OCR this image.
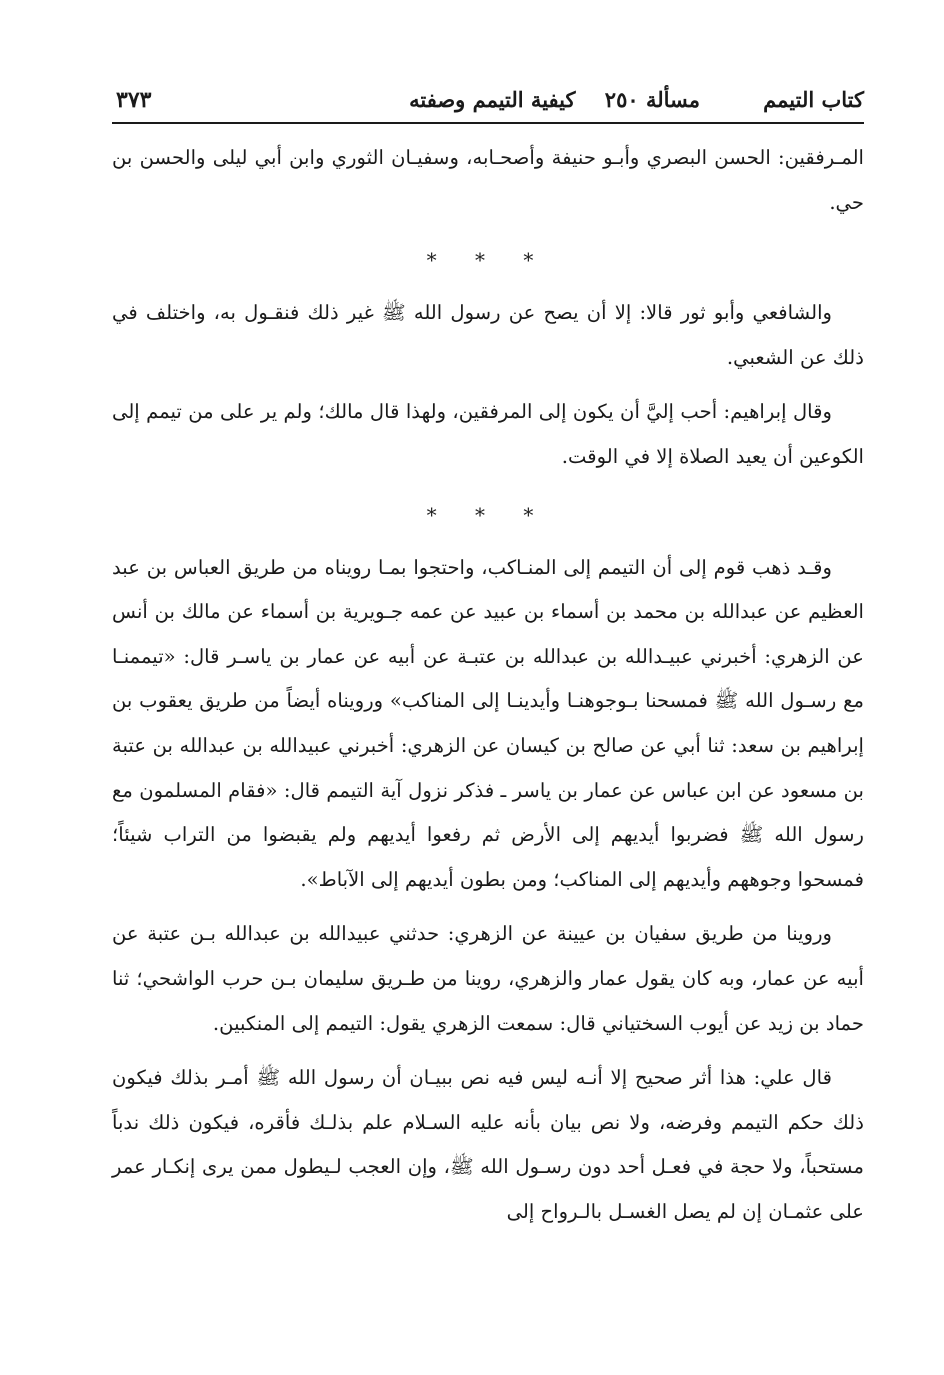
كتاب التيمم
مسألة ٢٥٠ كيفية التيمم وصفته
٣٧٣

المـرفقين: الحسن البصري وأبـو حنيفة وأصحـابه، وسفيـان الثوري وابن أبي ليلى والحسن بن حي.

* * *

والشافعي وأبو ثور قالا: إلا أن يصح عن رسول الله ﷺ غير ذلك فنقـول به، واختلف في ذلك عن الشعبي.

وقال إبراهيم: أحب إليَّ أن يكون إلى المرفقين، ولهذا قال مالك؛ ولم ير على من تيمم إلى الكوعين أن يعيد الصلاة إلا في الوقت.

* * *

وقـد ذهب قوم إلى أن التيمم إلى المنـاكب، واحتجوا بمـا رويناه من طريق العباس بن عبد العظيم عن عبدالله بن محمد بن أسماء بن عبيد عن عمه جـويرية بن أسماء عن مالك بن أنس عن الزهري: أخبرني عبيـدالله بن عبدالله بن عتبـة عن أبيه عن عمار بن ياسـر قال: «تيممنـا مع رسـول الله ﷺ فمسحنا بـوجوهنـا وأيدينـا إلى المناكب» ورويناه أيضاً من طريق يعقوب بن إبراهيم بن سعد: ثنا أبي عن صالح بن كيسان عن الزهري: أخبرني عبيدالله بن عبدالله بن عتبة بن مسعود عن ابن عباس عن عمار بن ياسر ـ فذكر نزول آية التيمم قال: «فقام المسلمون مع رسول الله ﷺ فضربوا أيديهم إلى الأرض ثم رفعوا أيديهم ولم يقبضوا من التراب شيئاً؛ فمسحوا وجوههم وأيديهم إلى المناكب؛ ومن بطون أيديهم إلى الآباط».

وروينا من طريق سفيان بن عيينة عن الزهري: حدثني عبيدالله بن عبدالله بـن عتبة عن أبيه عن عمار، وبه كان يقول عمار والزهري، روينا من طـريق سليمان بـن حرب الواشحي؛ ثنا حماد بن زيد عن أيوب السختياني قال: سمعت الزهري يقول: التيمم إلى المنكبين.

قال علي: هذا أثر صحيح إلا أنـه ليس فيه نص ببيـان أن رسول الله ﷺ أمـر بذلك فيكون ذلك حكم التيمم وفرضه، ولا نص بيان بأنه عليه السـلام علم بذلـك فأقره، فيكون ذلك ندباً مستحباً، ولا حجة في فعـل أحد دون رسـول الله ﷺ، وإن العجب لـيطول ممن يرى إنكـار عمر على عثمـان إن لم يصل الغسـل بالـرواح إلى
